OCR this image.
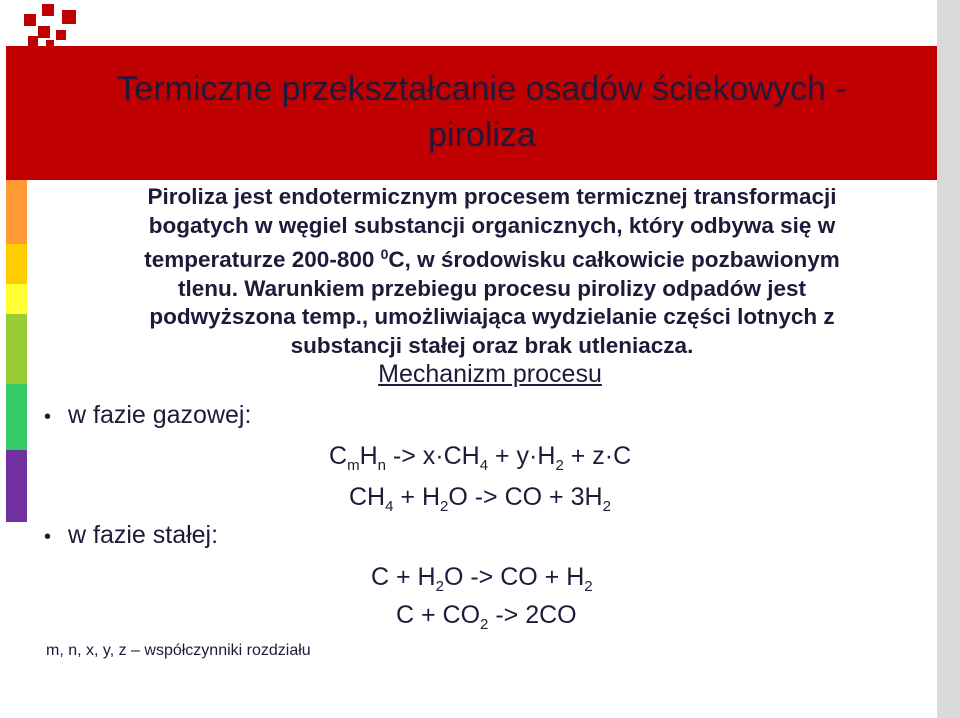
Termiczne przekształcanie osadów ściekowych -
piroliza
Piroliza jest endotermicznym procesem termicznej transformacji
bogatych w węgiel substancji organicznych, który odbywa się w
temperaturze 200-800 $^0$C, w środowisku całkowicie pozbawionym
tlenu. Warunkiem przebiegu procesu pirolizy odpadów jest
podwyższona temp., umożliwiająca wydzielanie części lotnych z
substancji stałej oraz brak utleniacza.
Mechanizm procesu
• w fazie gazowej:
• w fazie stałej:
$C_mH_n -> x\cdot CH_4 + y\cdot H_2 + z\cdot C$
$CH_4 + H_2O$ -> CO + $3H_2$
$C + H_2O$ -> CO + $H_2$
$C + CO_2 -> 2CO$
m, n, x, y, z – współczynniki rozdziału
